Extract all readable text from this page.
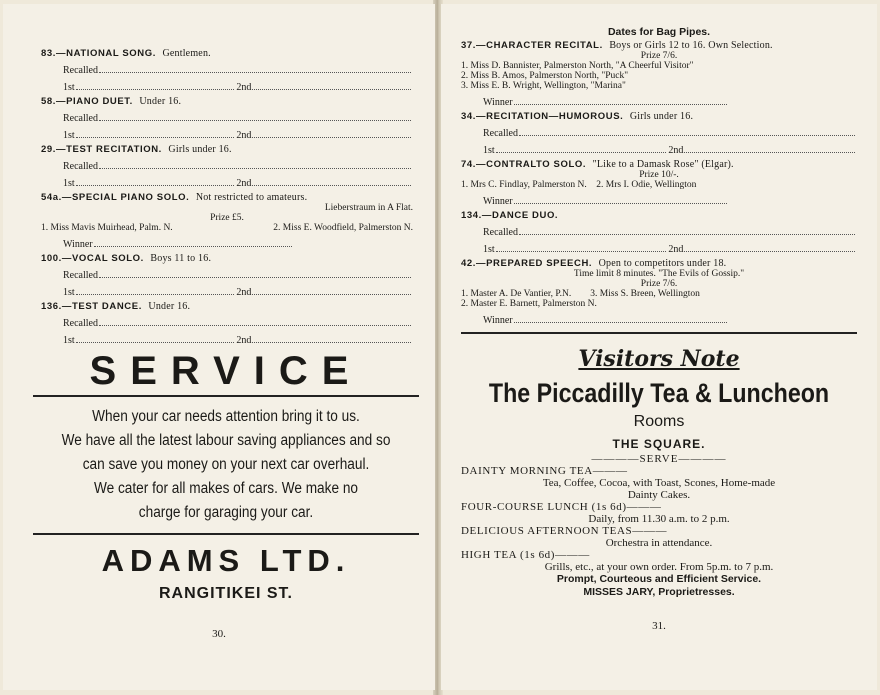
83.—NATIONAL SONG. Gentlemen.
Recalled
1st	2nd
58.—PIANO DUET. Under 16.
Recalled
1st	2nd
29.—TEST RECITATION. Girls under 16.
Recalled
1st	2nd
54a.—SPECIAL PIANO SOLO. Not restricted to amateurs.
Lieberstraum in A Flat.
Prize £5.
1. Miss Mavis Muirhead, Palm. N.	2. Miss E. Woodfield, Palmerston N.
Winner
100.—VOCAL SOLO. Boys 11 to 16.
Recalled
1st	2nd
136.—TEST DANCE. Under 16.
Recalled
1st	2nd
SERVICE
When your car needs attention bring it to us.
We have all the latest labour saving appliances and so
can save you money on your next car overhaul.
We cater for all makes of cars. We make no
charge for garaging your car.
ADAMS LTD.
RANGITIKEI ST.
30.
Dates for Bag Pipes.
37.—CHARACTER RECITAL. Boys or Girls 12 to 16. Own Selection.
Prize 7/6.
1. Miss D. Bannister, Palmerston North, "A Cheerful Visitor"
2. Miss B. Amos, Palmerston North, "Puck"
3. Miss E. B. Wright, Wellington, "Marina"
Winner
34.—RECITATION—HUMOROUS. Girls under 16.
Recalled
1st	2nd
74.—CONTRALTO SOLO. "Like to a Damask Rose" (Elgar).
Prize 10/-.
1. Mrs C. Findlay, Palmerston N. 2. Mrs I. Odie, Wellington
Winner
134.—DANCE DUO.
Recalled
1st	2nd
42.—PREPARED SPEECH. Open to competitors under 18.
Time limit 8 minutes. "The Evils of Gossip."
Prize 7/6.
1. Master A. De Vantier, P.N. 3. Miss S. Breen, Wellington
2. Master E. Barnett, Palmerston N.
Winner
Visitors Note
The Piccadilly Tea & Luncheon
Rooms
THE SQUARE.
————SERVE————
DAINTY MORNING TEA———
Tea, Coffee, Cocoa, with Toast, Scones, Home-made
Dainty Cakes.
FOUR-COURSE LUNCH (1s 6d)———
Daily, from 11.30 a.m. to 2 p.m.
DELICIOUS AFTERNOON TEAS———
Orchestra in attendance.
HIGH TEA (1s 6d)———
Grills, etc., at your own order. From 5p.m. to 7 p.m.
Prompt, Courteous and Efficient Service.
MISSES JARY, Proprietresses.
31.
